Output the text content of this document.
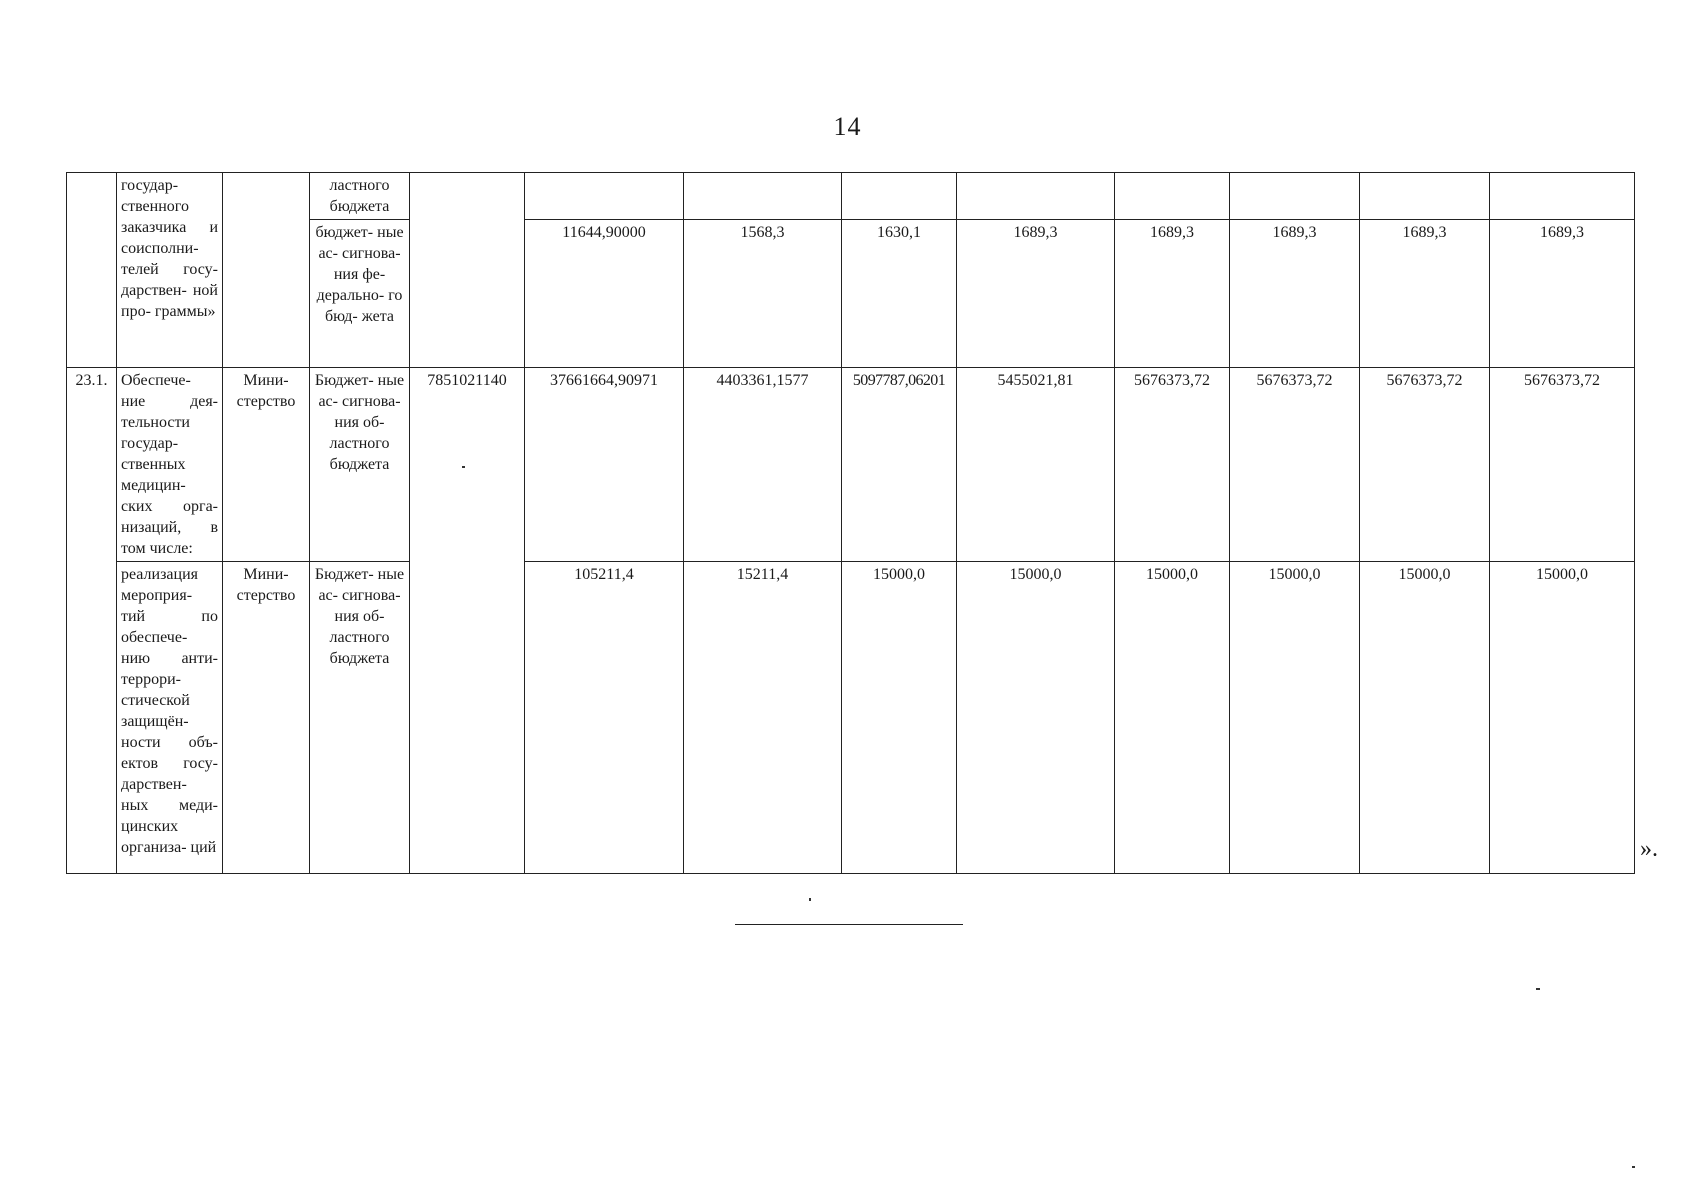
14
	государ- ственного заказчика и соисполни- телей госу- дарствен- ной про- граммы»		ластного бюджета									
			бюджет- ные ас- сигнова- ния фе- дерально- го бюд- жета		11644,90000	1568,3	1630,1	1689,3	1689,3	1689,3	1689,3	1689,3
23.1.	Обеспече- ние дея- тельности государ- ственных медицин- ских орга- низаций, в том числе:	Мини- стерство	Бюджет- ные ас- сигнова- ния об- ластного бюджета	7851021140	37661664,90971	4403361,1577	5097787,06201	5455021,81	5676373,72	5676373,72	5676373,72	5676373,72
	реализация мероприя- тий по обеспече- нию анти- террори- стической защищён- ности объ- ектов госу- дарствен- ных меди- цинских организа- ций	Мини- стерство	Бюджет- ные ас- сигнова- ния об- ластного бюджета		105211,4	15211,4	15000,0	15000,0	15000,0	15000,0	15000,0	15000,0
».
